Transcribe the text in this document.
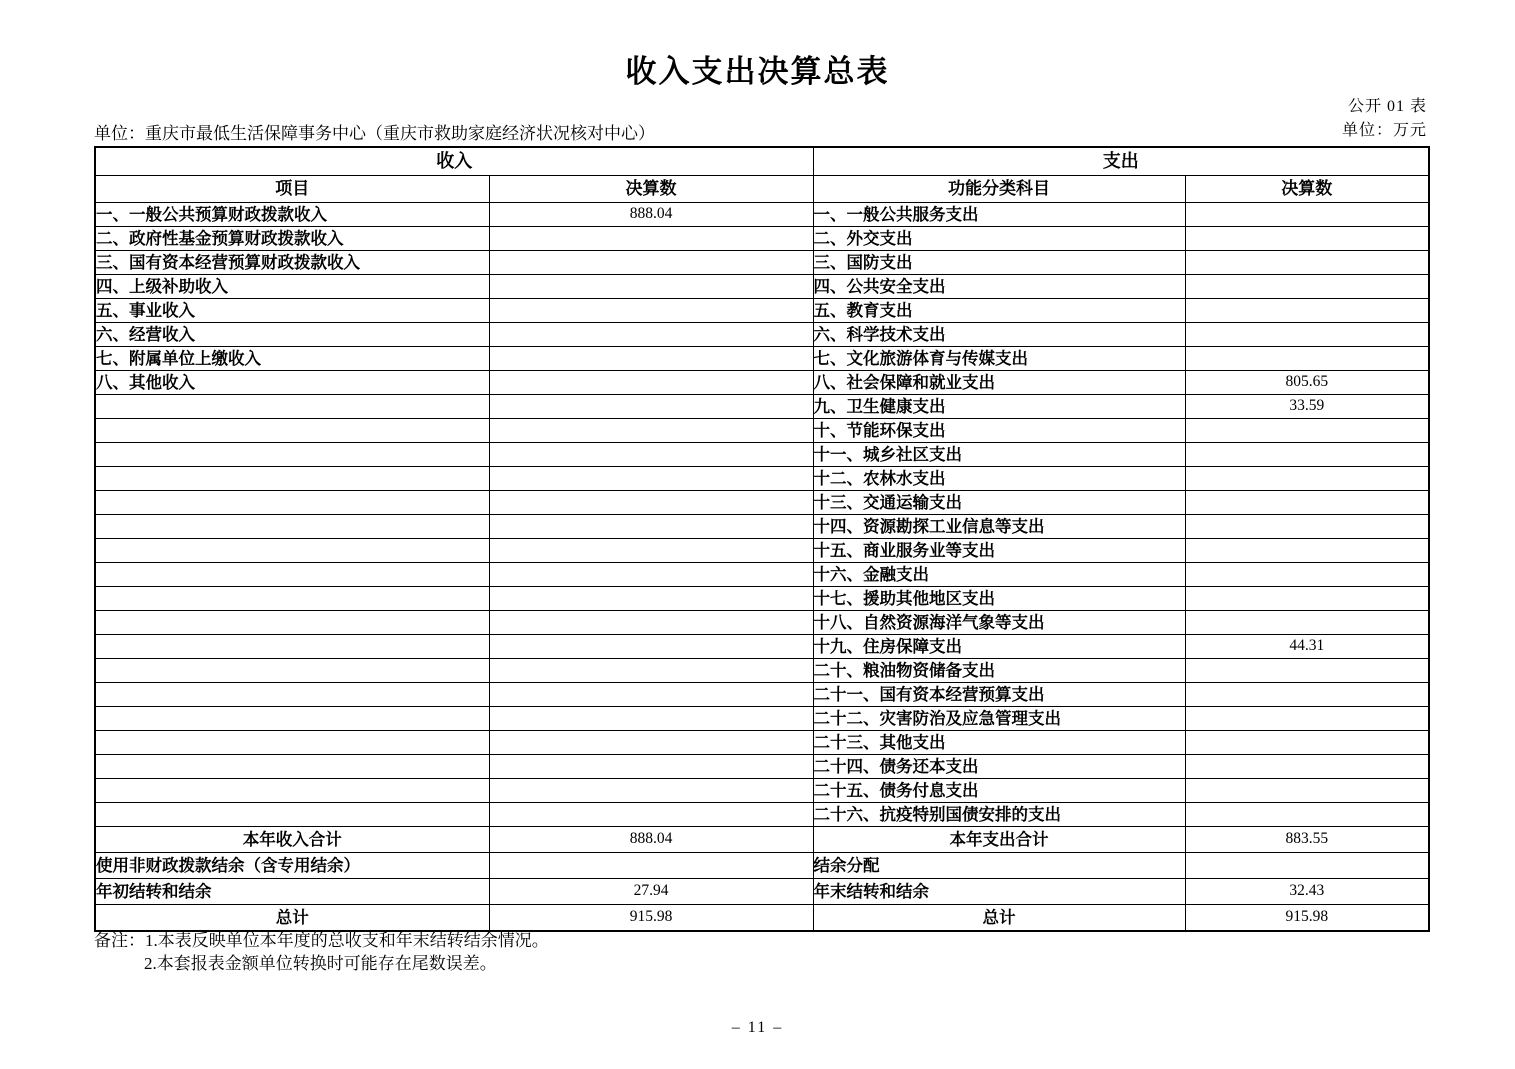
收入支出决算总表
公开 01 表
单位：重庆市最低生活保障事务中心（重庆市救助家庭经济状况核对中心）	单位：万元
收入		支出	
项目	决算数	功能分类科目	决算数
一、一般公共预算财政拨款收入	888.04	一、一般公共服务支出	
二、政府性基金预算财政拨款收入		二、外交支出	
三、国有资本经营预算财政拨款收入		三、国防支出	
四、上级补助收入		四、公共安全支出	
五、事业收入		五、教育支出	
六、经营收入		六、科学技术支出	
七、附属单位上缴收入		七、文化旅游体育与传媒支出	
八、其他收入		八、社会保障和就业支出	805.65
		九、卫生健康支出	33.59
		十、节能环保支出	
		十一、城乡社区支出	
		十二、农林水支出	
		十三、交通运输支出	
		十四、资源勘探工业信息等支出	
		十五、商业服务业等支出	
		十六、金融支出	
		十七、援助其他地区支出	
		十八、自然资源海洋气象等支出	
		十九、住房保障支出	44.31
		二十、粮油物资储备支出	
		二十一、国有资本经营预算支出	
		二十二、灾害防治及应急管理支出	
		二十三、其他支出	
		二十四、债务还本支出	
		二十五、债务付息支出	
		二十六、抗疫特别国债安排的支出	
本年收入合计	888.04	本年支出合计	883.55
使用非财政拨款结余（含专用结余）		结余分配	
年初结转和结余	27.94	年末结转和结余	32.43
总计	915.98	总计	915.98
备注：1.本表反映单位本年度的总收支和年末结转结余情况。
2.本套报表金额单位转换时可能存在尾数误差。
– 11 –
